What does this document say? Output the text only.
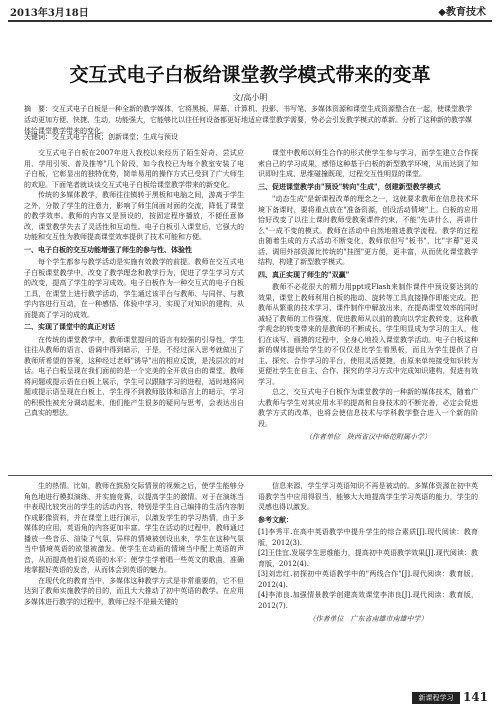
2013年3月18日	◆教育技术
交互式电子白板给课堂教学模式带来的变革
文/高小明
摘　要：交互式电子白板是一种全新的教学媒体，它将黑板、屏幕、计算机、投影、书写笔、多媒体资源和课堂生成资源整合在一起，使课堂教学活动更加方便、快捷、生动，功能强大，它能够比以往任何设备都更好地适应课堂教学需要，势必会引发教学模式的革新。分析了这种新的教学媒体给课堂教学带来的变化。
关键词：交互式电子白板；创新课堂；生成与预设

交互式电子白板在2007年进入我校以来经历了陌生好奇、尝试应用、学用引领、普及推等"几个阶段，如今我校已为每个教室安装了电子白板，它彰显出的独特优势，简单易用的操作方式已受到了广大师生的欢迎。下面笔者就谈谈交互式电子白板给课堂教学带来的新变化。

传统的多媒体教学，教师往往镇转于黑板和电脑之间，游离于学生之外，分散了学生的注意力，影响了师生间面对面的交流，降低了课堂的教学效率。教师的内容又是预设的，按固定程序播放，不便任意修改，课堂教学失去了灵活性和互动性。电子白板引入课堂后，它强大的功能和交互性为教师提高课堂效率提供了技术可能和方便。

一、电子白板的交互功能增强了师生的参与性、体验性

每个学生都参与教学活动是实施有效教学的前提。教师在交互式电子白板课堂教学中，改变了教学理念和教学行为，促进了学生学习方式的改变，提高了学生的学习成效。电子白板作为一种交互式的电子白板工具，在课堂上进行教学活动，学生通过该平台与教师、与同伴、与教学内容进行互动，在一种感悟、体验中学习，实现了对知识的建构，从而提高了学习的成效。

二、实现了课堂中的真正对话

在传统的课堂教学中，教师课堂提问的语言有较强的引导性，学生往往从教师的语言、语调中得到暗示，于是，不经过深入思考就做出了教师所希望的答案，这种经过老师"诱导"出的相应反馈，是浅层次的对话。电子白板呈现在我们面前的是一个完美的全开放自由的课堂，教师将问题或提示语在白板上展示，学生可以跟随学习的进程，适时地将问题或提示语呈现在白板上，学生得不到教师肢体和语言上的暗示，学习的积极性被充分调动起来，他们能产生很多的疑问与思考，会表达出自己真实的想法。

课堂中教师以师生合作的形式使学生参与学习，而学生建立合作探索自己的学习成果，感悟这种基于白板的新型教学环境，从而达到了知识即时生成、思维碰撞既现，过程交互性明显的课堂。

三、促进课堂教学由"预设"转向"生成"，创建新型教学模式

"动态生成"是新课程改革的理念之一，这就要求教师在信息技术环境下备课时，要将重点放在"准备资源，创设活动情境"上。白板的应用恰好改变了以往上课时教师受教案课件约束，不能"先讲什么，再讲什么"一成不变的模式。教师在活动中自然地推进教学流程。教学的过程由随着生成的方式活动不断变化，教师依但写"板书"，比"字幕"更灵活，调用外部资源比传统的"挂图"更方便，更丰富，从而优化课堂教学结构，构建了新型教学模式。

四、真正实现了师生的"双赢"

教师不必花很大的精力用ppt或Flash来制作课件中预设要达到的效果，课堂上教师利用白板的拖动、旋转等工具直接操作即能完成。把教师从繁重的技术学习、课件制作中解放出来，在提高课堂效率的同时减轻了教师的工作强度，促进教师从以前的教向以学定教转变，这种教学观念的转变带来的是教师的不断成长。学生明显成为学习的主人，他们在谈写、画摸的过程中，全身心地投入课堂教学活动。电子白板这种新的媒体提供给学生的不仅仅是比学生看黑板，而且为学生提供了自主、探究、合作学习的平台，使用灵活便捷，由原来单纯接受知识转为更便社学生在自主、合作、探究的学习方式中完成知识建构，促进有效学习。

总之，交互式电子白板作为课堂教学的一种新的媒体技术，随着广大教师与学生对其应用水平的提高和自身技术的不断完善，必定会促进教学方式的改革，也将会使信息技术与学科教学整合进入一个新的阶段。

（作者单位　陕西省汉中师范附属小学）

生的热情。比如，教师在鼓励交际情景的视频之后，使学生能够分角色地进行模拟演练，并实施竞赛，以提高学生的激情。对于在演练当中表现比较突出的学生的活动内容，特别是学生自己编排的生活内容制作成影像资料，并在课堂上进行演示，以激发学生的学习热情，由于多媒体的应用，英语角的内容更加丰富。学生在活动的过程中，教师通过播放一些音乐、渲染了气氛，异样的情境被创设出来，学生在这种气氛当中情境英语的欲望被激发。使学生在动画的情境当中配上英语的声音，从而提高他们说英语的水平；使学生学着唱一些英文的歌曲，准确地掌握好英语的发音，从而体会到英语的魅力。

在现代化的教育当中，多媒体这种教学方式是非常重要的，它不但达到了教师实施教学的目的，而且大大推动了初中英语的教学。在应用多媒体进行教学的过程中，教师已经不是最关键的

信息来源，学生学习英语知识不再是被动的。多媒体资源在初中英语教学当中应用得很当，能够大大地提高学生学习英语的能力，学生的灵感也得以激发。

参考文献：
[1]李秀平.在高中英语教学中提升学生的综合素质[J].现代阅读：教育版，2012(3).
[2]王佳宜.发展学生思维能力，提高初中英语教学效果[J].现代阅读：教育版，2012(4).
[3]刘忠红.初探初中英语教学中的"两线合作"[J].现代阅读：教育版，2012(4).
[4]李沛良.加强情景教学创建高效课堂李沛良[J].现代阅读：教育版，2012(7).

（作者单位　广东省南雄市南雄中学）

新课程学习 141
